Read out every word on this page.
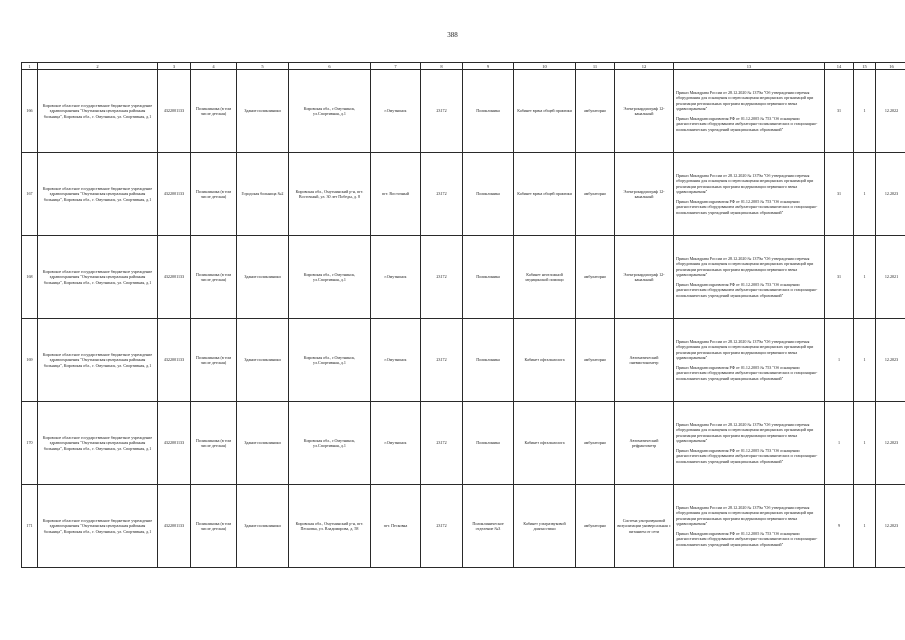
388
1	2	3	4	5	6	7	8	9	10	11	12	13	14	15	16
166	Кировское областное государственное бюджетное учреждение здравоохранения "Омутнинская центральная районная больница", Кировская обл., г. Омутнинск, ул. Спортивная, д.1	4322001133	Поликлиника (в том числе детская)	Здание поликлиники	Кировская обл., г.Омутнинск, ул.Спортивная, д.1	г.Омутнинск	23172	Поликлиника	Кабинет врача общей практики	амбулаторно	Электрокардиограф 12-канальный	Приказ Минздрава России от 28.12.2020 № 1379н "Об утверждении перечня оборудования для оснащения и переоснащения медицинских организаций при реализации региональных программ модернизации первичного звена здравоохранения"
Приказ Минздравсоцразвития РФ от 01.12.2005 № 753 "Об оснащении диагностическим оборудованием амбулаторно-поликлинических и стационарно-поликлинических учреждений муниципальных образований"	31	1	12.2022
167	Кировское областное государственное бюджетное учреждение здравоохранения "Омутнинская центральная районная больница", Кировская обл., г. Омутнинск, ул. Спортивная, д.1	4322001133	Поликлиника (в том числе детская)	Городская больница №2	Кировская обл., Омутнинский р-н, пгт. Восточный, ул. 30 лет Победы, д. 8	пгт. Восточный	23172	Поликлиника	Кабинет врача общей практики	амбулаторно	Электрокардиограф 12-канальный	Приказ Минздрава России от 28.12.2020 № 1379н "Об утверждении перечня оборудования для оснащения и переоснащения медицинских организаций при реализации региональных программ модернизации первичного звена здравоохранения"
Приказ Минздравсоцразвития РФ от 01.12.2005 № 753 "Об оснащении диагностическим оборудованием амбулаторно-поликлинических и стационарно-поликлинических учреждений муниципальных образований"	31	1	12.2023
168	Кировское областное государственное бюджетное учреждение здравоохранения "Омутнинская центральная районная больница", Кировская обл., г. Омутнинск, ул. Спортивная, д.1	4322001133	Поликлиника (в том числе детская)	Здание поликлиники	Кировская обл., г.Омутнинск, ул.Спортивная, д.1	г.Омутнинск	23172	Поликлиника	Кабинет неотложной медицинской помощи	амбулаторно	Электрокардиограф 12-канальный	Приказ Минздрава России от 28.12.2020 № 1379н "Об утверждении перечня оборудования для оснащения и переоснащения медицинских организаций при реализации региональных программ модернизации первичного звена здравоохранения"
Приказ Минздравсоцразвития РФ от 01.12.2005 № 753 "Об оснащении диагностическим оборудованием амбулаторно-поликлинических и стационарно-поликлинических учреждений муниципальных образований"	31	1	12.2021
169	Кировское областное государственное бюджетное учреждение здравоохранения "Омутнинская центральная районная больница", Кировская обл., г. Омутнинск, ул. Спортивная, д.1	4322001133	Поликлиника (в том числе детская)	Здание поликлиники	Кировская обл., г.Омутнинск, ул.Спортивная, д.1	г.Омутнинск	23172	Поликлиника	Кабинет офтальмолога	амбулаторно	Автоматический пневмотонометр	Приказ Минздрава России от 28.12.2020 № 1379н "Об утверждении перечня оборудования для оснащения и переоснащения медицинских организаций при реализации региональных программ модернизации первичного звена здравоохранения"
Приказ Минздравсоцразвития РФ от 01.12.2005 № 753 "Об оснащении диагностическим оборудованием амбулаторно-поликлинических и стационарно-поликлинических учреждений муниципальных образований"	1	1	12.2023
170	Кировское областное государственное бюджетное учреждение здравоохранения "Омутнинская центральная районная больница", Кировская обл., г. Омутнинск, ул. Спортивная, д.1	4322001133	Поликлиника (в том числе детская)	Здание поликлиники	Кировская обл., г.Омутнинск, ул.Спортивная, д.1	г.Омутнинск	23172	Поликлиника	Кабинет офтальмолога	амбулаторно	Автоматический рефрактометр	Приказ Минздрава России от 28.12.2020 № 1379н "Об утверждении перечня оборудования для оснащения и переоснащения медицинских организаций при реализации региональных программ модернизации первичного звена здравоохранения"
Приказ Минздравсоцразвития РФ от 01.12.2005 № 753 "Об оснащении диагностическим оборудованием амбулаторно-поликлинических и стационарно-поликлинических учреждений муниципальных образований"	1	1	12.2023
171	Кировское областное государственное бюджетное учреждение здравоохранения "Омутнинская центральная районная больница", Кировская обл., г. Омутнинск, ул. Спортивная, д.1	4322001133	Поликлиника (в том числе детская)	Здание поликлиники	Кировская обл., Омутнинский р-н, пгт. Песковка, ул. Владимирова, д. 58	пгт. Песковка	23172	Поликлиническое отделение №3	Кабинет ультразвуковой диагностики	амбулаторно	Система ультразвуковой визуализации универсальная с питанием от сети	Приказ Минздрава России от 28.12.2020 № 1379н "Об утверждении перечня оборудования для оснащения и переоснащения медицинских организаций при реализации региональных программ модернизации первичного звена здравоохранения"
Приказ Минздравсоцразвития РФ от 01.12.2005 № 753 "Об оснащении диагностическим оборудованием амбулаторно-поликлинических и стационарно-поликлинических учреждений муниципальных образований"	9	1	12.2023
